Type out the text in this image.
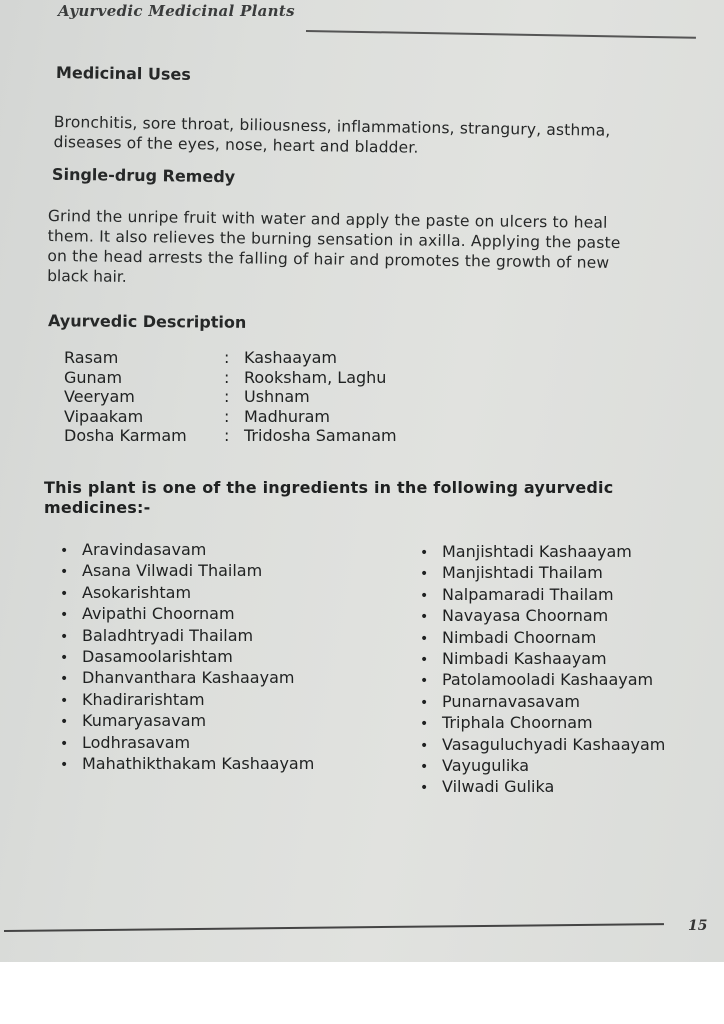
Ayurvedic Medicinal Plants
Medicinal Uses
Bronchitis, sore throat, biliousness, inflammations, strangury, asthma,
diseases of the eyes, nose, heart and bladder.
Single-drug Remedy
Grind the unripe fruit with water and apply the paste on ulcers to heal
them. It also relieves the burning sensation in axilla. Applying the paste
on the head arrests the falling of hair and promotes the growth of new
black hair.
Ayurvedic Description
Rasam	: Kashaayam
Gunam	: Rooksham, Laghu
Veeryam	: Ushnam
Vipaakam	: Madhuram
Dosha Karmam	: Tridosha Samanam
This plant is one of the ingredients in the following ayurvedic
medicines:-
• Aravindasavam
• Asana Vilwadi Thailam
• Asokarishtam
• Avipathi Choornam
• Baladhtryadi Thailam
• Dasamoolarishtam
• Dhanvanthara Kashaayam
• Khadirarishtam
• Kumaryasavam
• Lodhrasavam
• Mahathikthakam Kashaayam
• Manjishtadi Kashaayam
• Manjishtadi Thailam
• Nalpamaradi Thailam
• Navayasa Choornam
• Nimbadi Choornam
• Nimbadi Kashaayam
• Patolamooladi Kashaayam
• Punarnavasavam
• Triphala Choornam
• Vasaguluchyadi Kashaayam
• Vayugulika
• Vilwadi Gulika
15
